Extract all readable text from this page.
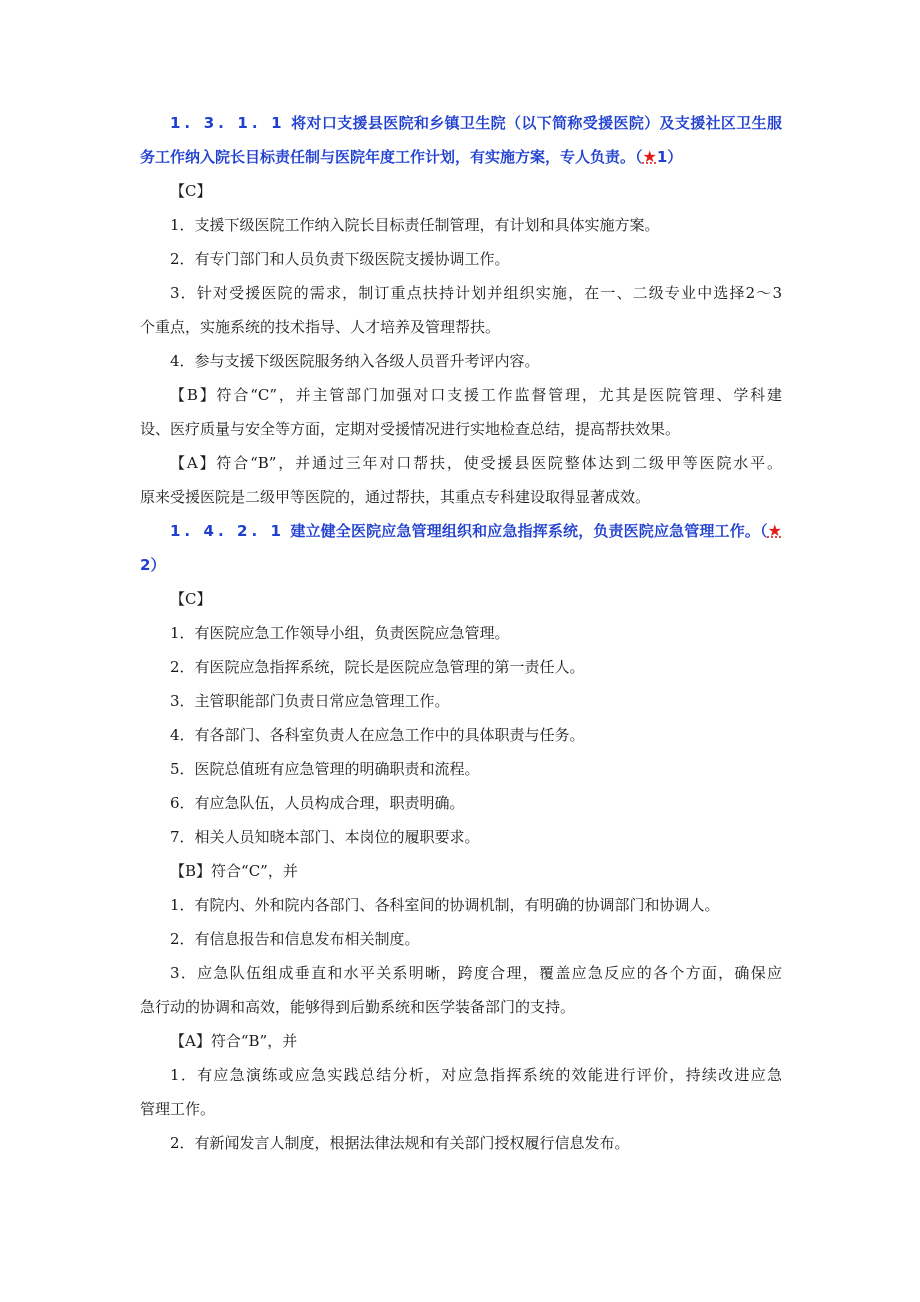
1. 3. 1. 1 将对口支援县医院和乡镇卫生院（以下简称受援医院）及支援社区卫生服
务工作纳入院长目标责任制与医院年度工作计划，有实施方案，专人负责。（★1）
【C】
1．支援下级医院工作纳入院长目标责任制管理，有计划和具体实施方案。
2．有专门部门和人员负责下级医院支援协调工作。
3．针对受援医院的需求，制订重点扶持计划并组织实施，在一、二级专业中选择2～3
个重点，实施系统的技术指导、人才培养及管理帮扶。
4．参与支援下级医院服务纳入各级人员晋升考评内容。
【B】符合“C”，并主管部门加强对口支援工作监督管理，尤其是医院管理、学科建
设、医疗质量与安全等方面，定期对受援情况进行实地检查总结，提高帮扶效果。
【A】符合“B”，并通过三年对口帮扶，使受援县医院整体达到二级甲等医院水平。
原来受援医院是二级甲等医院的，通过帮扶，其重点专科建设取得显著成效。
1. 4. 2. 1 建立健全医院应急管理组织和应急指挥系统，负责医院应急管理工作。（★
2）
【C】
1．有医院应急工作领导小组，负责医院应急管理。
2．有医院应急指挥系统，院长是医院应急管理的第一责任人。
3．主管职能部门负责日常应急管理工作。
4．有各部门、各科室负责人在应急工作中的具体职责与任务。
5．医院总值班有应急管理的明确职责和流程。
6．有应急队伍，人员构成合理，职责明确。
7．相关人员知晓本部门、本岗位的履职要求。
【B】符合“C”，并
1．有院内、外和院内各部门、各科室间的协调机制，有明确的协调部门和协调人。
2．有信息报告和信息发布相关制度。
3．应急队伍组成垂直和水平关系明晰，跨度合理，覆盖应急反应的各个方面，确保应
急行动的协调和高效，能够得到后勤系统和医学装备部门的支持。
【A】符合“B”，并
1．有应急演练或应急实践总结分析，对应急指挥系统的效能进行评价，持续改进应急
管理工作。
2．有新闻发言人制度，根据法律法规和有关部门授权履行信息发布。
